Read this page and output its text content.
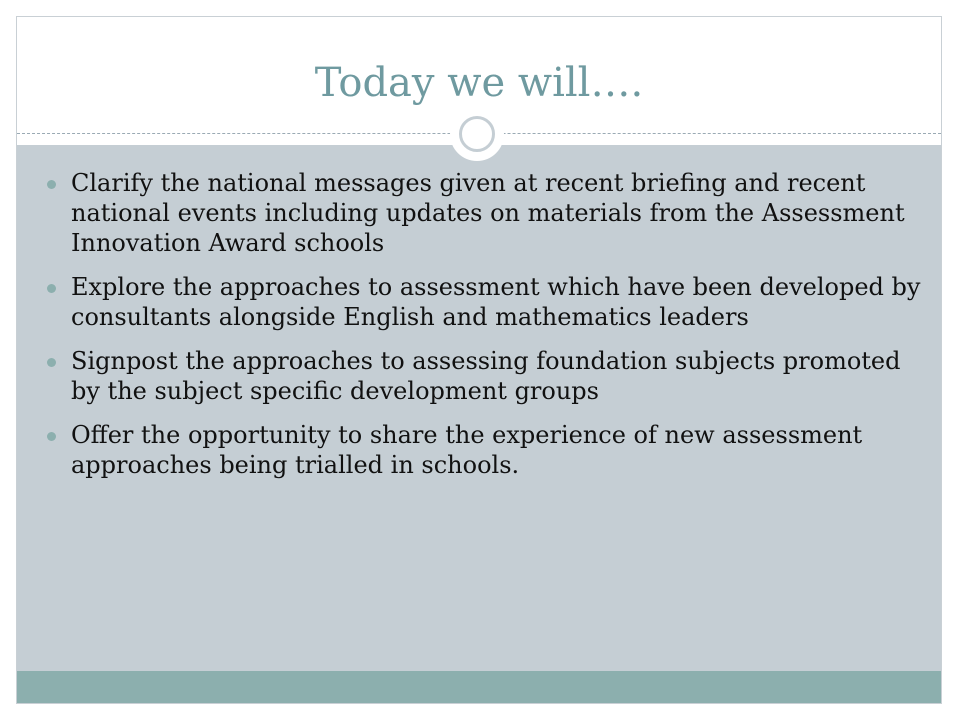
Today we will….
Clarify the national messages given at recent briefing and recent national events including updates on materials from the Assessment Innovation Award schools
Explore the approaches to assessment which have been developed by consultants alongside English and mathematics leaders
Signpost the approaches to assessing foundation subjects promoted by the subject specific development groups
Offer the opportunity to share the experience of new assessment approaches being trialled in schools.
